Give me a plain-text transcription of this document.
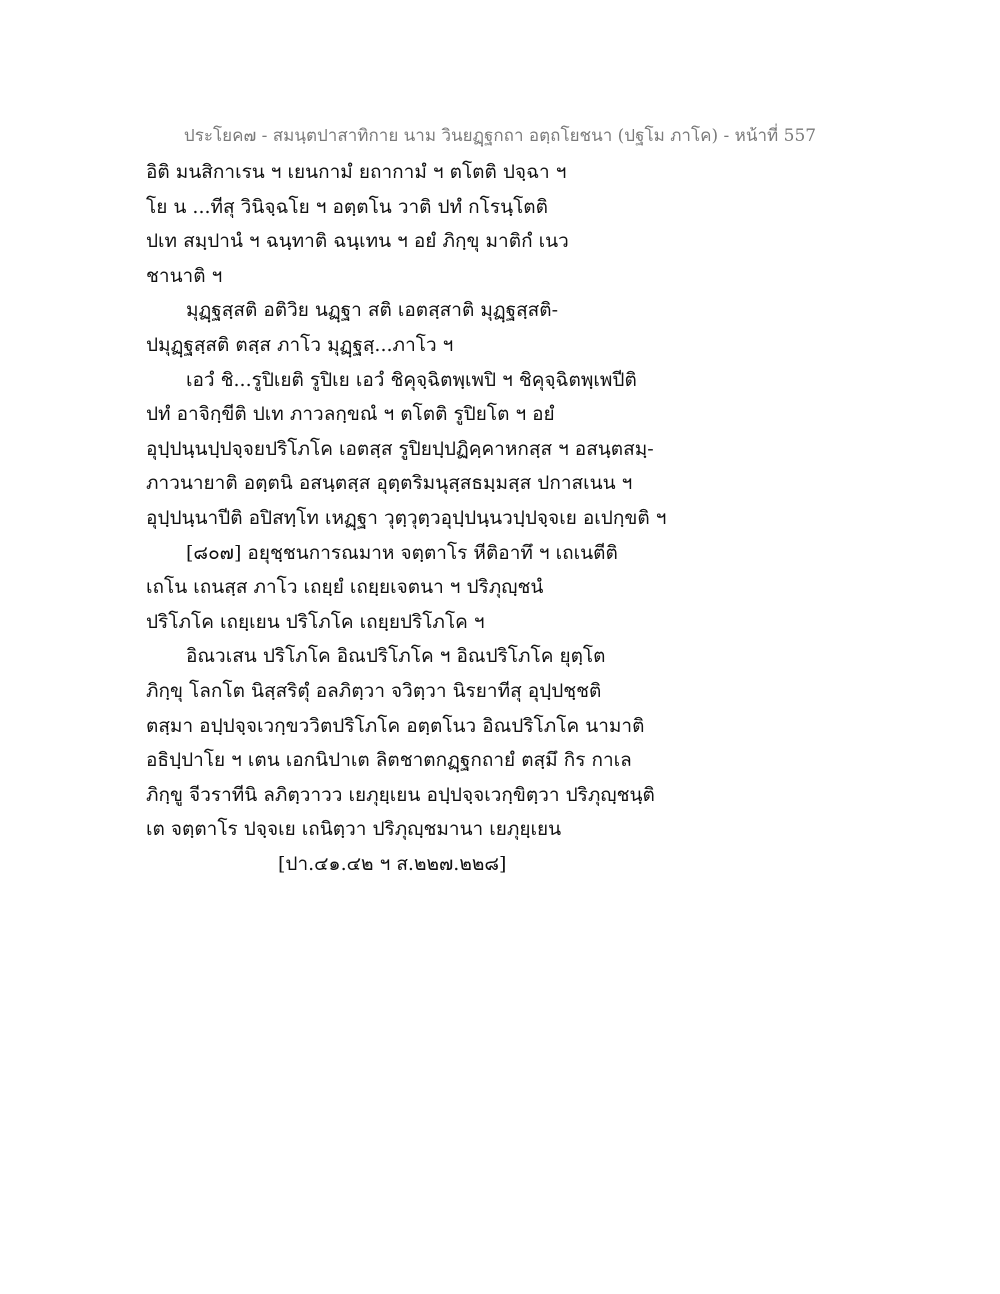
ประโยค๗ - สมนฺตปาสาทิกาย นาม วินยฏฺฐกถา อตฺถโยชนา (ปฐโม ภาโค) - หน้าที่ 557
อิติ มนสิกาเรน ฯ เยนกามํ ยถากามํ ฯ ตโตติ ปจฺฉา ฯ
โย น ...ทีสุ วินิจฺฉโย ฯ อตฺตโน วาติ ปทํ กโรนฺโตติ
ปเท สมฺปานํ ฯ ฉนฺทาติ ฉนฺเทน ฯ อยํ ภิกฺขุ มาติกํ เนว
ชานาติ ฯ
มุฏฺฐสฺสติ อติวิย นฏฺฐา สติ เอตสฺสาติ มุฏฺฐสฺสติ-
ปมุฏฺฐสฺสติ ตสฺส ภาโว มุฏฺฐสฺ...ภาโว ฯ
เอวํ ชิ...รูปิเยติ รูปิเย เอวํ ชิคุจฺฉิตพฺเพปิ ฯ ชิคุจฺฉิตพฺเพปีติ
ปทํ อาจิกฺขีติ ปเท ภาวลกฺขณํ ฯ ตโตติ รูปิยโต ฯ อยํ
อุปฺปนฺนปฺปจฺจยปริโภโค เอตสฺส รูปิยปฺปฏิคฺคาหกสฺส ฯ อสนฺตสมฺ-
ภาวนายาติ อตฺตนิ อสนฺตสฺส อุตฺตริมนุสฺสธมฺมสฺส ปกาสเนน ฯ
อุปฺปนฺนาปีติ อปิสทฺโท เหฏฺฐา วุตฺวุตฺวอุปฺปนฺนวปฺปจฺจเย อเปกฺขติ ฯ
[๘๐๗] อยุชฺชนการณมาห จตฺตาโร หีติอาทึ ฯ เถเนตีติ
เถโน เถนสฺส ภาโว เถยฺยํ เถยฺยเจตนา ฯ ปริภุญฺชนํ
ปริโภโค เถยฺเยน ปริโภโค เถยฺยปริโภโค ฯ
อิณวเสน ปริโภโค อิณปริโภโค ฯ อิณปริโภโค ยุตฺโต
ภิกฺขุ โลกโต นิสฺสริตุํ อลภิตฺวา จวิตฺวา นิรยาทีสุ อุปฺปชฺชติ
ตสฺมา อปฺปจฺจเวกฺขววิตปริโภโค อตฺตโนว อิณปริโภโค นามาติ
อธิปฺปาโย ฯ เตน เอกนิปาเต ลิตชาตกฏฺฐกถายํ ตสฺมึ กิร กาเล
ภิกฺขู จีวราทีนิ ลภิตฺวาวว เยภุยฺเยน อปฺปจฺจเวกฺขิตฺวา ปริภุญฺชนฺติ
เต จตฺตาโร ปจฺจเย เถนิตฺวา ปริภุญฺชมานา เยภุยฺเยน
[ปา.๔๑.๔๒ ฯ ส.๒๒๗.๒๒๘]
